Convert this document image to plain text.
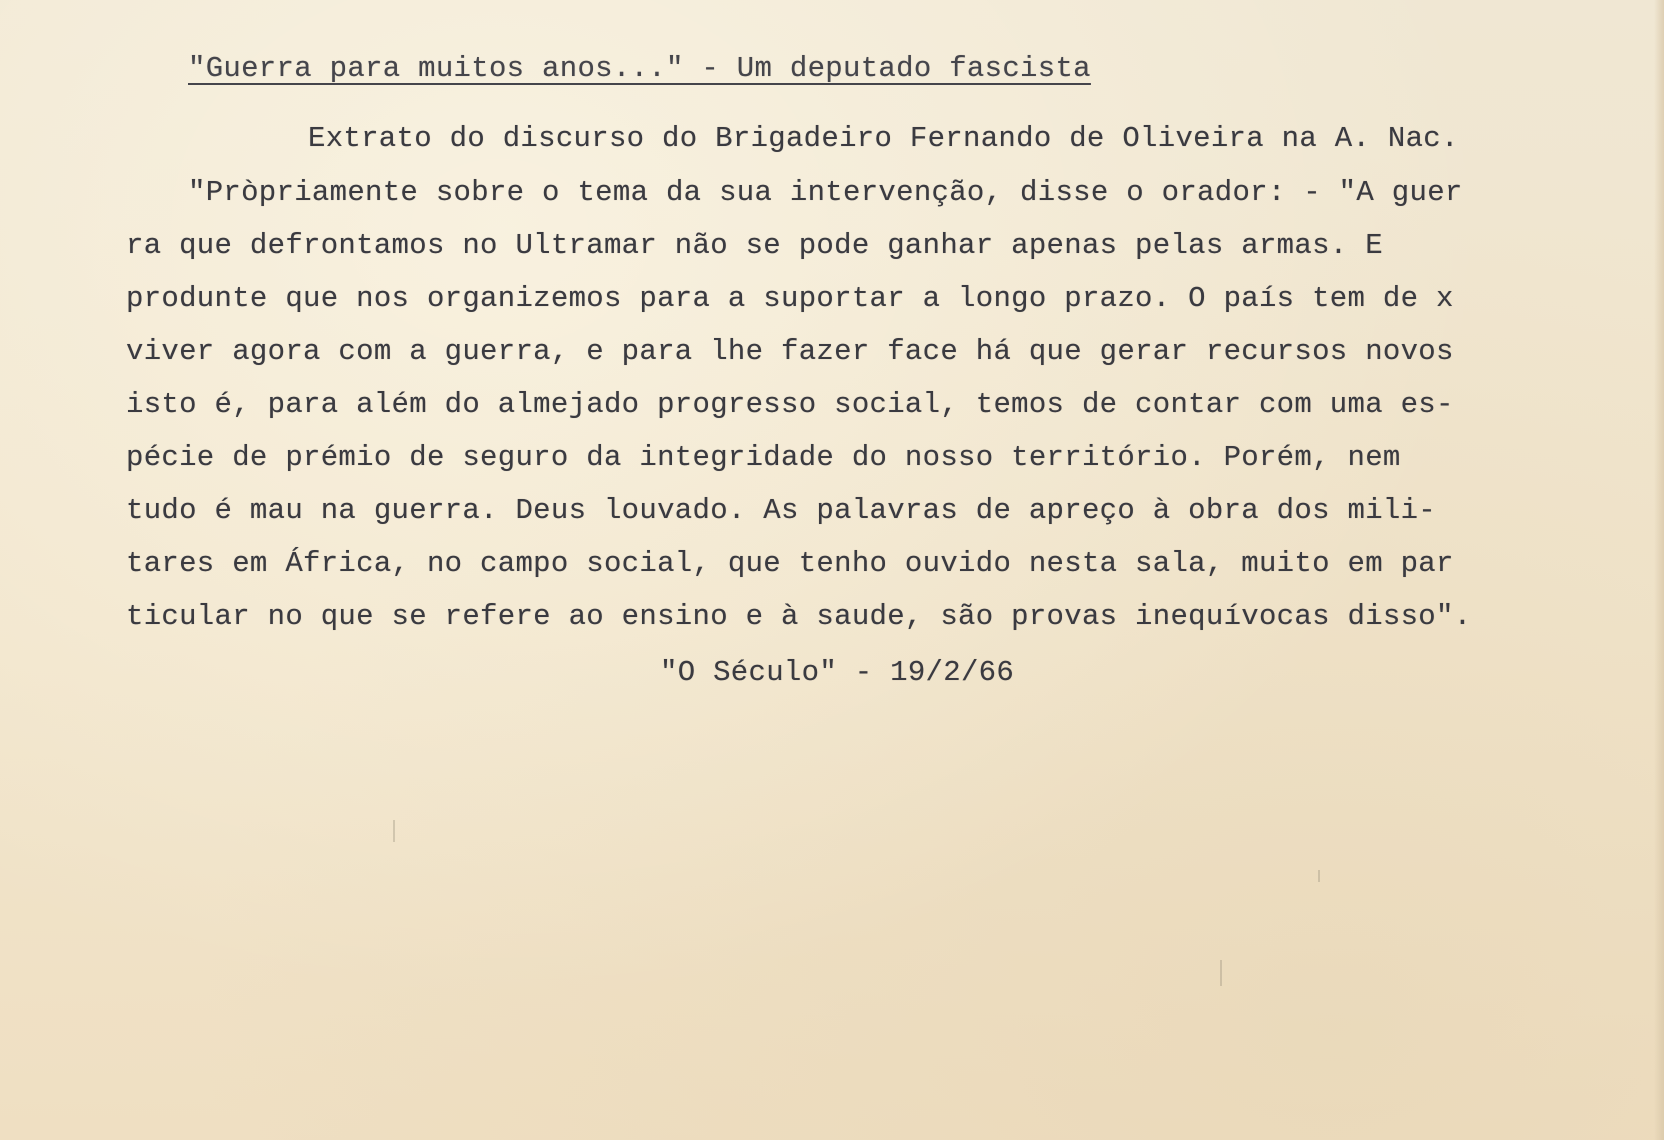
"Guerra para muitos anos..." - Um deputado fascista
Extrato do discurso do Brigadeiro Fernando de Oliveira na A. Nac.
"Pròpriamente sobre o tema da sua intervenção, disse o orador: - "A guer
ra que defrontamos no Ultramar não se pode ganhar apenas pelas armas. E
produnte que nos organizemos para a suportar a longo prazo. O país tem de x
viver agora com a guerra, e para lhe fazer face há que gerar recursos novos
isto é, para além do almejado progresso social, temos de contar com uma es-
pécie de prémio de seguro da integridade do nosso território. Porém, nem
tudo é mau na guerra. Deus louvado. As palavras de apreço à obra dos mili-
tares em África, no campo social, que tenho ouvido nesta sala, muito em par
ticular no que se refere ao ensino e à saude, são provas inequívocas disso".
"O Século" - 19/2/66
